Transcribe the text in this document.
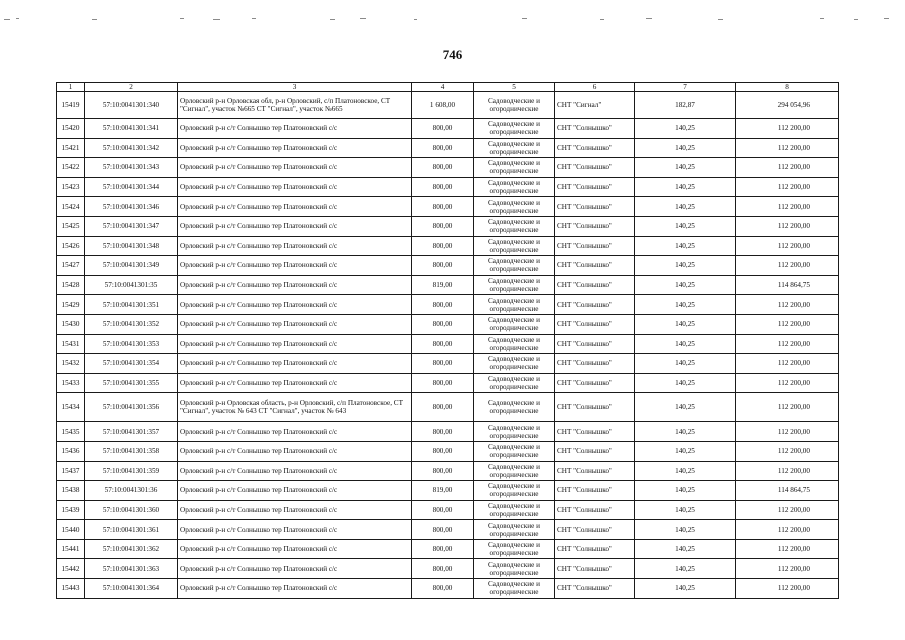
746
1	2	3	4	5	6	7	8
15419	57:10:0041301:340	Орловский р-н Орловская обл, р-н Орловский, с/п Платоновское, СТ "Сигнал", участок №665 СТ "Сигнал", участок №665	1 608,00	Садоводческие и огороднические	СНТ "Сигнал"	182,87	294 054,96
15420	57:10:0041301:341	Орловский р-н с/т Солнышко тер Платоновский с/с	800,00	Садоводческие и огороднические	СНТ "Солнышко"	140,25	112 200,00
15421	57:10:0041301:342	Орловский р-н с/т Солнышко тер Платоновский с/с	800,00	Садоводческие и огороднические	СНТ "Солнышко"	140,25	112 200,00
15422	57:10:0041301:343	Орловский р-н с/т Солнышко тер Платоновский с/с	800,00	Садоводческие и огороднические	СНТ "Солнышко"	140,25	112 200,00
15423	57:10:0041301:344	Орловский р-н с/т Солнышко тер Платоновский с/с	800,00	Садоводческие и огороднические	СНТ "Солнышко"	140,25	112 200,00
15424	57:10:0041301:346	Орловский р-н с/т Солнышко тер Платоновский с/с	800,00	Садоводческие и огороднические	СНТ "Солнышко"	140,25	112 200,00
15425	57:10:0041301:347	Орловский р-н с/т Солнышко тер Платоновский с/с	800,00	Садоводческие и огороднические	СНТ "Солнышко"	140,25	112 200,00
15426	57:10:0041301:348	Орловский р-н с/т Солнышко тер Платоновский с/с	800,00	Садоводческие и огороднические	СНТ "Солнышко"	140,25	112 200,00
15427	57:10:0041301:349	Орловский р-н с/т Солнышко тер Платоновский с/с	800,00	Садоводческие и огороднические	СНТ "Солнышко"	140,25	112 200,00
15428	57:10:0041301:35	Орловский р-н с/т Солнышко тер Платоновский с/с	819,00	Садоводческие и огороднические	СНТ "Солнышко"	140,25	114 864,75
15429	57:10:0041301:351	Орловский р-н с/т Солнышко тер Платоновский с/с	800,00	Садоводческие и огороднические	СНТ "Солнышко"	140,25	112 200,00
15430	57:10:0041301:352	Орловский р-н с/т Солнышко тер Платоновский с/с	800,00	Садоводческие и огороднические	СНТ "Солнышко"	140,25	112 200,00
15431	57:10:0041301:353	Орловский р-н с/т Солнышко тер Платоновский с/с	800,00	Садоводческие и огороднические	СНТ "Солнышко"	140,25	112 200,00
15432	57:10:0041301:354	Орловский р-н с/т Солнышко тер Платоновский с/с	800,00	Садоводческие и огороднические	СНТ "Солнышко"	140,25	112 200,00
15433	57:10:0041301:355	Орловский р-н с/т Солнышко тер Платоновский с/с	800,00	Садоводческие и огороднические	СНТ "Солнышко"	140,25	112 200,00
15434	57:10:0041301:356	Орловский р-н Орловская область, р-н Орловский, с/п Платоновское, СТ "Сигнал", участок № 643 СТ "Сигнал", участок № 643	800,00	Садоводческие и огороднические	СНТ "Солнышко"	140,25	112 200,00
15435	57:10:0041301:357	Орловский р-н с/т Солнышко тер Платоновский с/с	800,00	Садоводческие и огороднические	СНТ "Солнышко"	140,25	112 200,00
15436	57:10:0041301:358	Орловский р-н с/т Солнышко тер Платоновский с/с	800,00	Садоводческие и огороднические	СНТ "Солнышко"	140,25	112 200,00
15437	57:10:0041301:359	Орловский р-н с/т Солнышко тер Платоновский с/с	800,00	Садоводческие и огороднические	СНТ "Солнышко"	140,25	112 200,00
15438	57:10:0041301:36	Орловский р-н с/т Солнышко тер Платоновский с/с	819,00	Садоводческие и огороднические	СНТ "Солнышко"	140,25	114 864,75
15439	57:10:0041301:360	Орловский р-н с/т Солнышко тер Платоновский с/с	800,00	Садоводческие и огороднические	СНТ "Солнышко"	140,25	112 200,00
15440	57:10:0041301:361	Орловский р-н с/т Солнышко тер Платоновский с/с	800,00	Садоводческие и огороднические	СНТ "Солнышко"	140,25	112 200,00
15441	57:10:0041301:362	Орловский р-н с/т Солнышко тер Платоновский с/с	800,00	Садоводческие и огороднические	СНТ "Солнышко"	140,25	112 200,00
15442	57:10:0041301:363	Орловский р-н с/т Солнышко тер Платоновский с/с	800,00	Садоводческие и огороднические	СНТ "Солнышко"	140,25	112 200,00
15443	57:10:0041301:364	Орловский р-н с/т Солнышко тер Платоновский с/с	800,00	Садоводческие и огороднические	СНТ "Солнышко"	140,25	112 200,00
